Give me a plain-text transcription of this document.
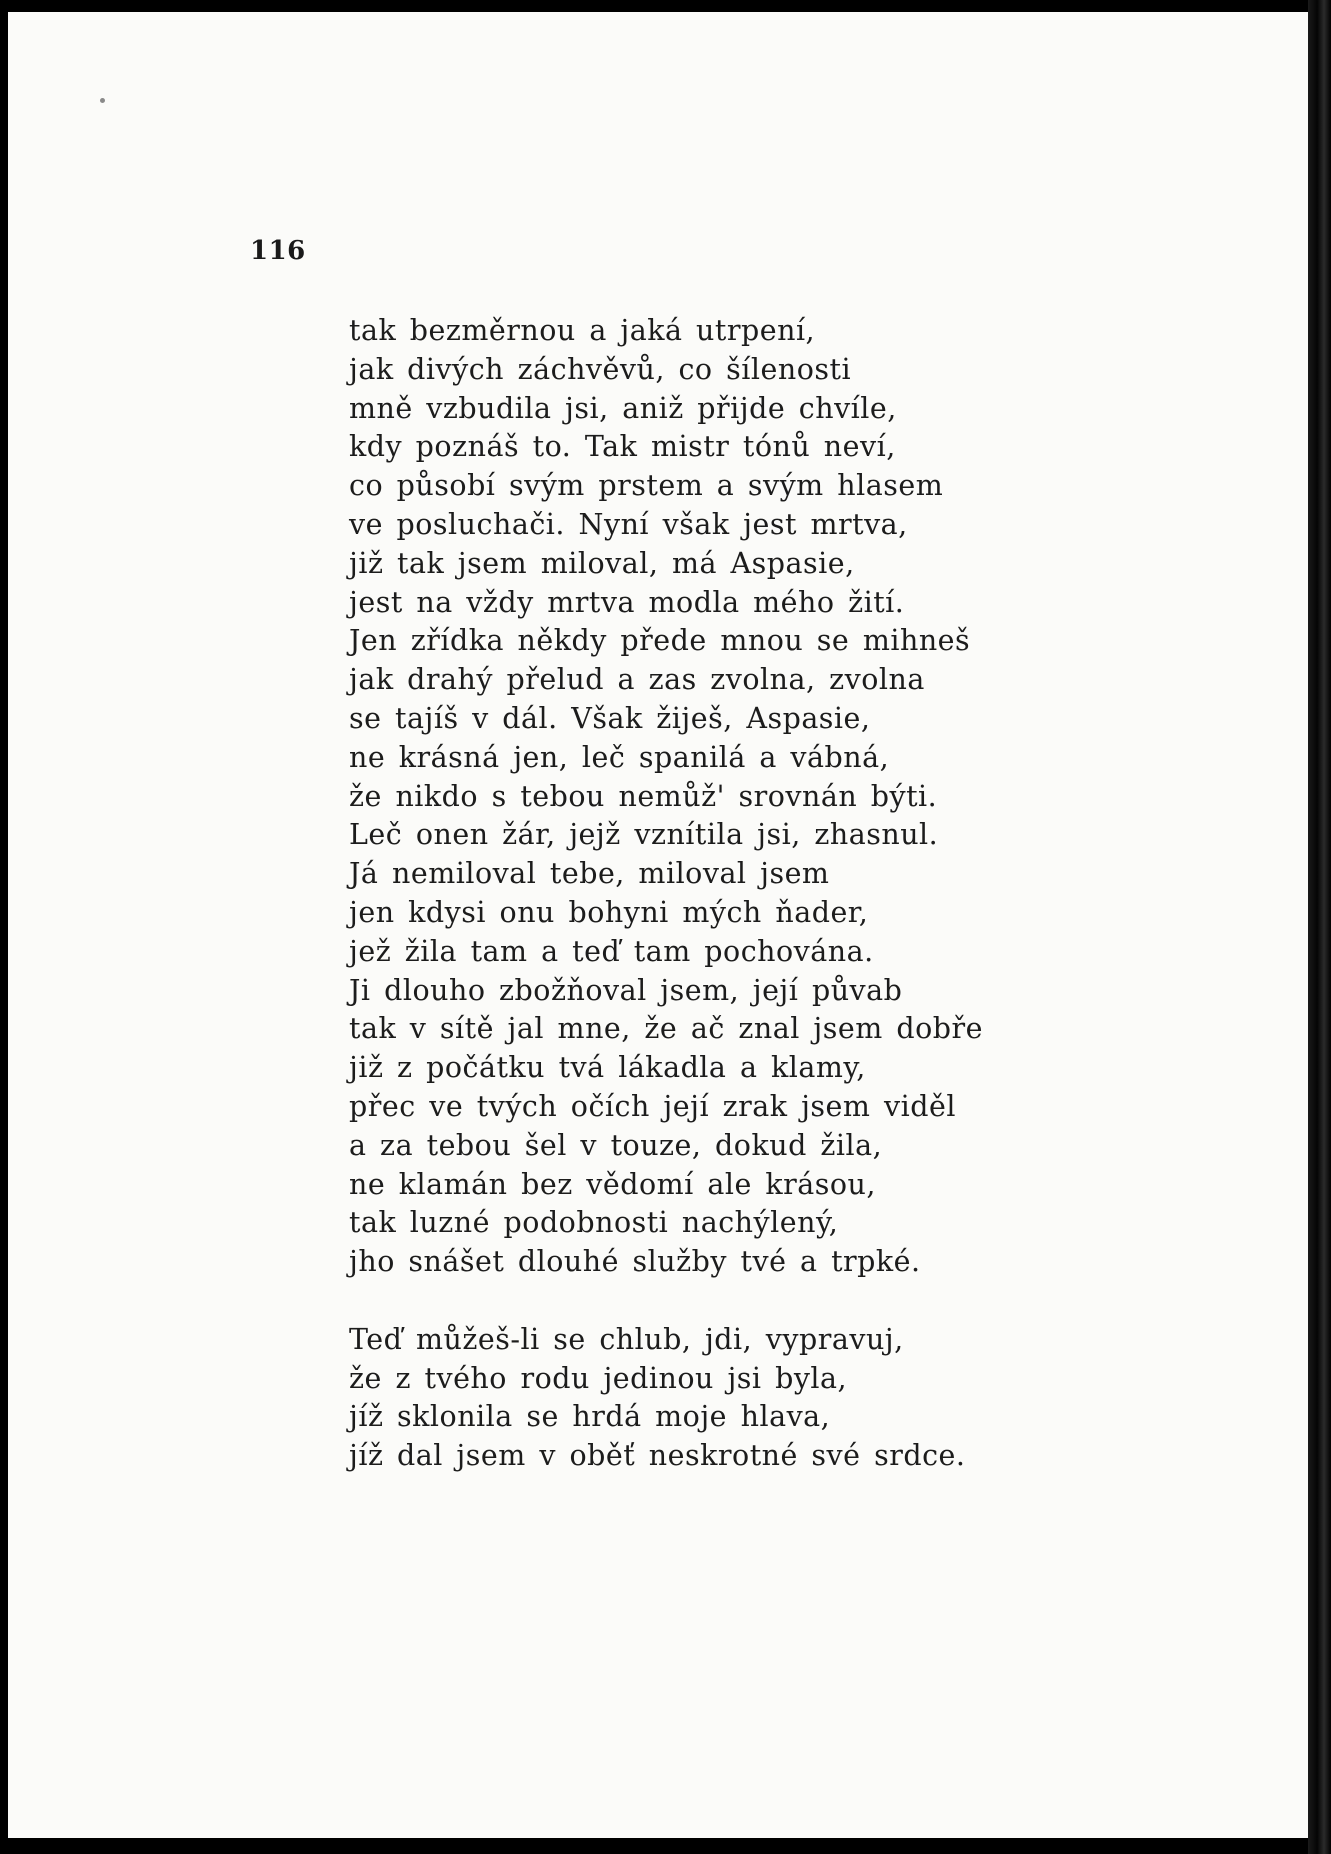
116
tak bezměrnou a jaká utrpení,
jak divých záchvěvů, co šílenosti
mně vzbudila jsi, aniž přijde chvíle,
kdy poznáš to. Tak mistr tónů neví,
co působí svým prstem a svým hlasem
ve posluchači. Nyní však jest mrtva,
již tak jsem miloval, má Aspasie,
jest na vždy mrtva modla mého žití.
Jen zřídka někdy přede mnou se mihneš
jak drahý přelud a zas zvolna, zvolna
se tajíš v dál. Však žiješ, Aspasie,
ne krásná jen, leč spanilá a vábná,
že nikdo s tebou nemůž' srovnán býti.
Leč onen žár, jejž vznítila jsi, zhasnul.
Já nemiloval tebe, miloval jsem
jen kdysi onu bohyni mých ňader,
jež žila tam a teď tam pochována.
Ji dlouho zbožňoval jsem, její půvab
tak v sítě jal mne, že ač znal jsem dobře
již z počátku tvá lákadla a klamy,
přec ve tvých očích její zrak jsem viděl
a za tebou šel v touze, dokud žila,
ne klamán bez vědomí ale krásou,
tak luzné podobnosti nachýlený,
jho snášet dlouhé služby tvé a trpké.
Teď můžeš-li se chlub, jdi, vypravuj,
že z tvého rodu jedinou jsi byla,
jíž sklonila se hrdá moje hlava,
jíž dal jsem v oběť neskrotné své srdce.
